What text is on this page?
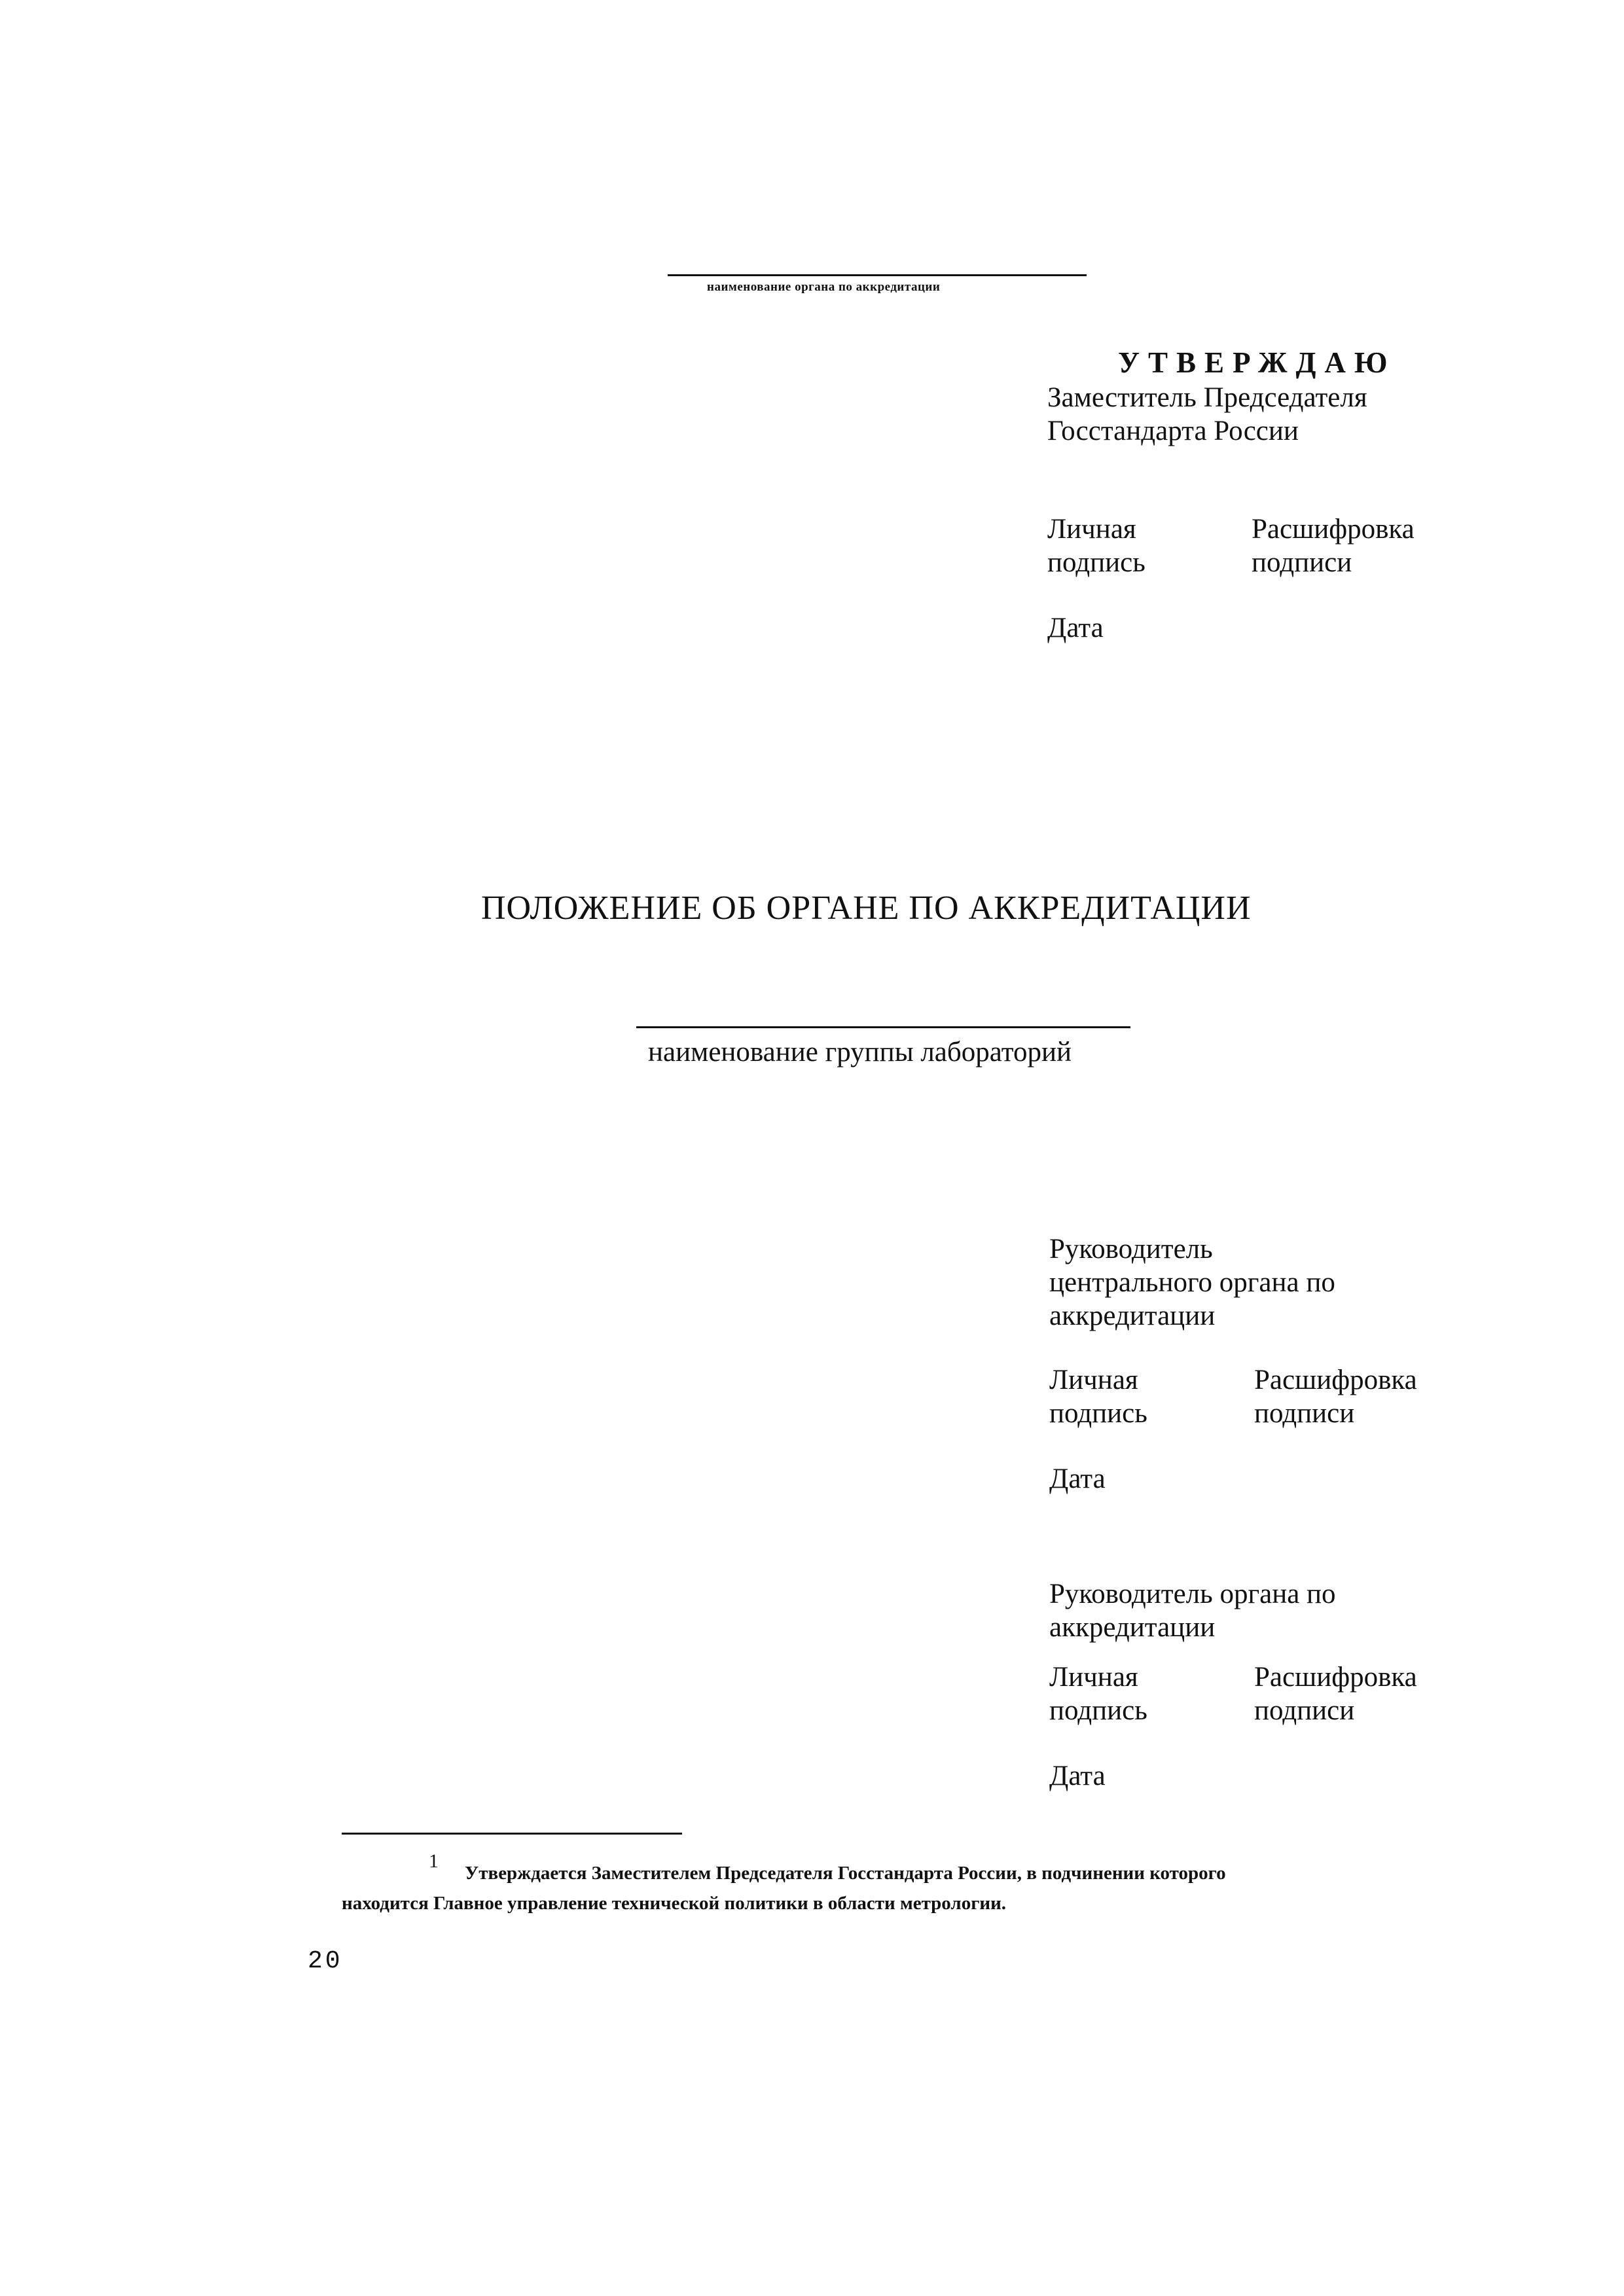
наименование органа по аккредитации
УТВЕРЖДАЮ
Заместитель Председателя
Госстандарта России
Личная
подпись
Расшифровка
подписи
Дата
ПОЛОЖЕНИЕ ОБ ОРГАНЕ ПО АККРЕДИТАЦИИ
наименование группы лабораторий
Руководитель
центрального органа по
аккредитации
Личная
подпись
Расшифровка
подписи
Дата
Руководитель органа по
аккредитации
Личная
подпись
Расшифровка
подписи
Дата
1
Утверждается Заместителем Председателя Госстандарта России, в подчинении которого
находится Главное управление технической политики в области метрологии.
20
